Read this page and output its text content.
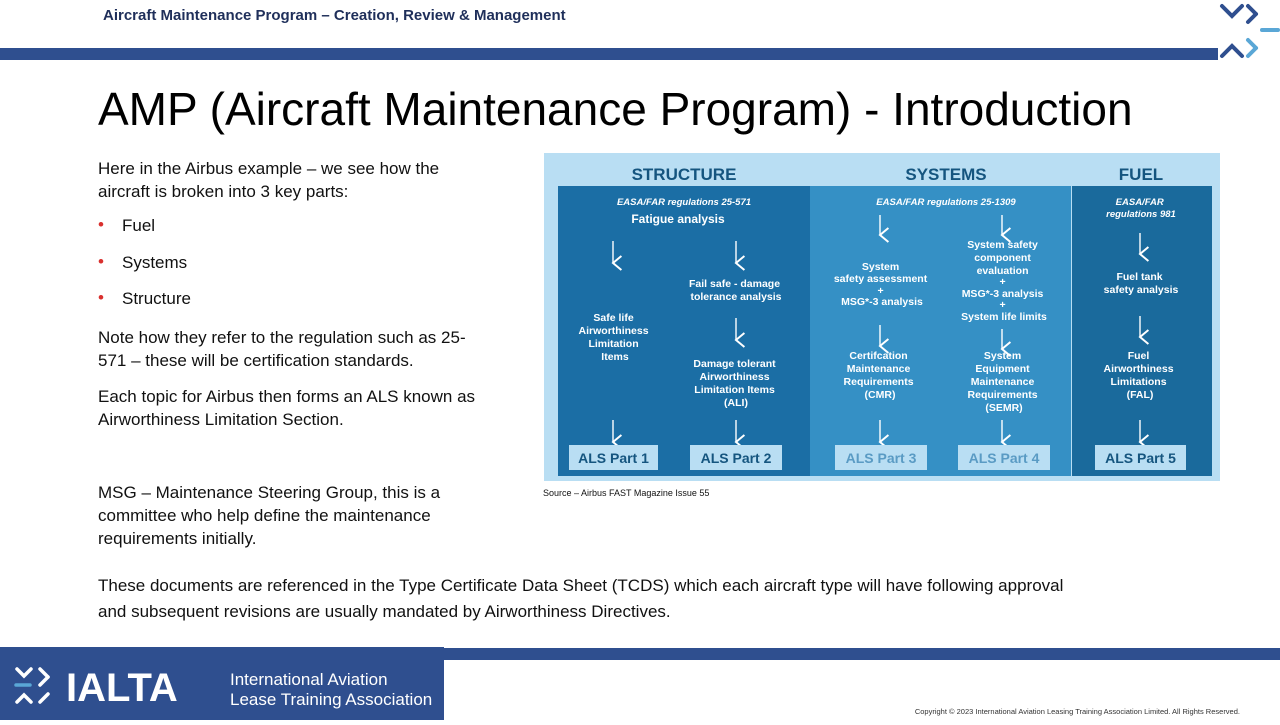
Aircraft Maintenance Program – Creation, Review & Management
AMP (Aircraft Maintenance Program) - Introduction
Here in the Airbus example – we see how the
aircraft is broken into 3 key parts:
• Fuel
• Systems
• Structure
Note how they refer to the regulation such as 25-
571 – these will be certification standards.
Each topic for Airbus then forms an ALS known as
Airworthiness Limitation Section.
MSG – Maintenance Steering Group, this is a
committee who help define the maintenance
requirements initially.
These documents are referenced in the Type Certificate Data Sheet (TCDS) which each aircraft type will have following approval
and subsequent revisions are usually mandated by Airworthiness Directives.
STRUCTURE	SYSTEMS	FUEL
EASA/FAR regulations 25-571
Fatigue analysis
Safe life Airworthiness Limitation Items
Fail safe - damage tolerance analysis
Damage tolerant Airworthiness Limitation Items (ALI)
EASA/FAR regulations 25-1309
System safety assessment + MSG*-3 analysis
System safety component evaluation + MSG*-3 analysis + System life limits
Certifcation Maintenance Requirements (CMR)
System Equipment Maintenance Requirements (SEMR)
EASA/FAR regulations 981
Fuel tank safety analysis
Fuel Airworthiness Limitations (FAL)
ALS Part 1	ALS Part 2	ALS Part 3	ALS Part 4	ALS Part 5
Source – Airbus FAST Magazine Issue 55
IALTA	International Aviation
Lease Training Association
Copyright © 2023 International Aviation Leasing Training Association Limited. All Rights Reserved.
